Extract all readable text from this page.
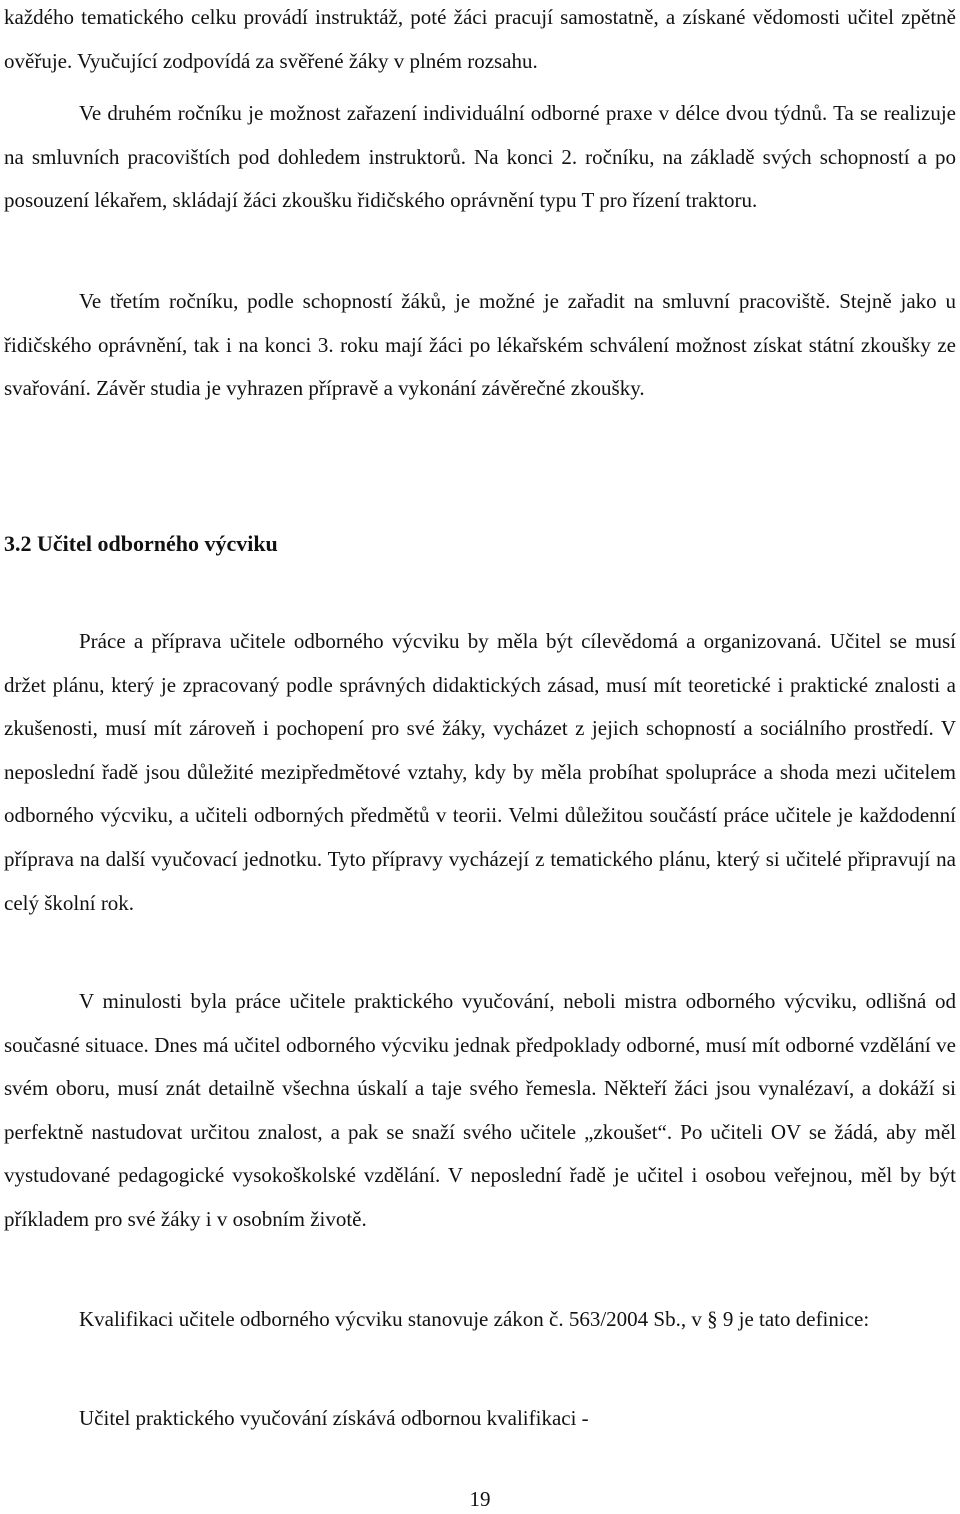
každého tematického celku provádí instruktáž, poté žáci pracují samostatně, a získané vědomosti učitel zpětně ověřuje. Vyučující zodpovídá za svěřené žáky v plném rozsahu.

Ve druhém ročníku je možnost zařazení individuální odborné praxe v délce dvou týdnů. Ta se realizuje na smluvních pracovištích pod dohledem instruktorů. Na konci 2. ročníku, na základě svých schopností a po posouzení lékařem, skládají žáci zkoušku řidičského oprávnění typu T pro řízení traktoru.

Ve třetím ročníku, podle schopností žáků, je možné je zařadit na smluvní pracoviště. Stejně jako u řidičského oprávnění, tak i na konci 3. roku mají žáci po lékařském schválení možnost získat státní zkoušky ze svařování. Závěr studia je vyhrazen přípravě a vykonání závěrečné zkoušky.

3.2 Učitel odborného výcviku

Práce a příprava učitele odborného výcviku by měla být cílevědomá a organizovaná. Učitel se musí držet plánu, který je zpracovaný podle správných didaktických zásad, musí mít teoretické i praktické znalosti a zkušenosti, musí mít zároveň i pochopení pro své žáky, vycházet z jejich schopností a sociálního prostředí. V neposlední řadě jsou důležité mezipředmětové vztahy, kdy by měla probíhat spolupráce a shoda mezi učitelem odborného výcviku, a učiteli odborných předmětů v teorii. Velmi důležitou součástí práce učitele je každodenní příprava na další vyučovací jednotku. Tyto přípravy vycházejí z tematického plánu, který si učitelé připravují na celý školní rok.

V minulosti byla práce učitele praktického vyučování, neboli mistra odborného výcviku, odlišná od současné situace. Dnes má učitel odborného výcviku jednak předpoklady odborné, musí mít odborné vzdělání ve svém oboru, musí znát detailně všechna úskalí a taje svého řemesla. Někteří žáci jsou vynalézaví, a dokáží si perfektně nastudovat určitou znalost, a pak se snaží svého učitele „zkoušet“. Po učiteli OV se žádá, aby měl vystudované pedagogické vysokoškolské vzdělání. V neposlední řadě je učitel i osobou veřejnou, měl by být příkladem pro své žáky i v osobním životě.

Kvalifikaci učitele odborného výcviku stanovuje zákon č. 563/2004 Sb., v § 9 je tato definice:

Učitel praktického vyučování získává odbornou kvalifikaci -

19
